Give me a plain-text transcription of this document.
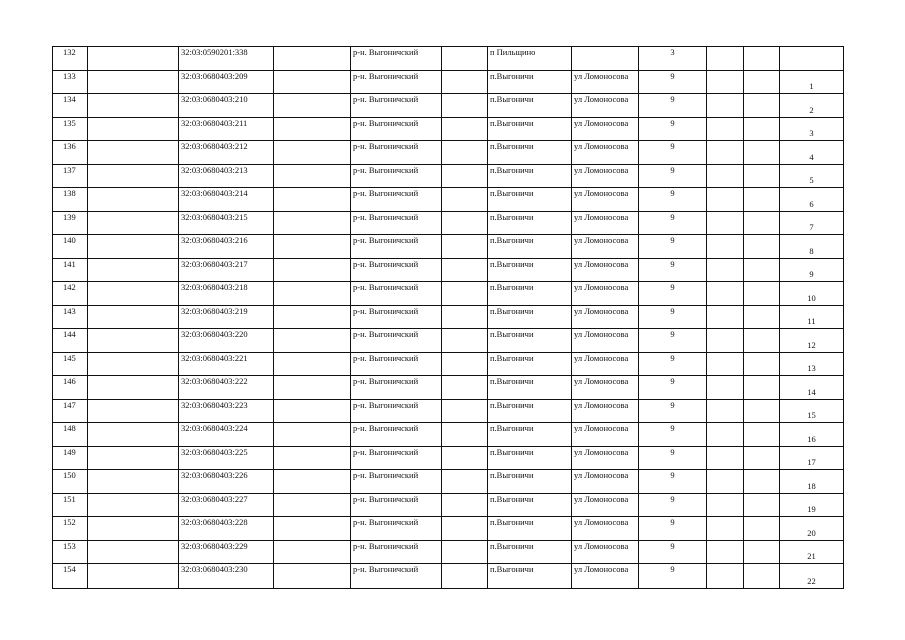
132		32:03:0590201:338		р-н. Выгоничский		п Пильщино		3			
133		32:03:0680403:209		р-н. Выгоничский		п.Выгоничи	ул Ломоносова	9			1
134		32:03:0680403:210		р-н. Выгоничский		п.Выгоничи	ул Ломоносова	9			2
135		32:03:0680403:211		р-н. Выгоничский		п.Выгоничи	ул Ломоносова	9			3
136		32:03:0680403:212		р-н. Выгоничский		п.Выгоничи	ул Ломоносова	9			4
137		32:03:0680403:213		р-н. Выгоничский		п.Выгоничи	ул Ломоносова	9			5
138		32:03:0680403:214		р-н. Выгоничский		п.Выгоничи	ул Ломоносова	9			6
139		32:03:0680403:215		р-н. Выгоничский		п.Выгоничи	ул Ломоносова	9			7
140		32:03:0680403:216		р-н. Выгоничский		п.Выгоничи	ул Ломоносова	9			8
141		32:03:0680403:217		р-н. Выгоничский		п.Выгоничи	ул Ломоносова	9			9
142		32:03:0680403:218		р-н. Выгоничский		п.Выгоничи	ул Ломоносова	9			10
143		32:03:0680403:219		р-н. Выгоничский		п.Выгоничи	ул Ломоносова	9			11
144		32:03:0680403:220		р-н. Выгоничский		п.Выгоничи	ул Ломоносова	9			12
145		32:03:0680403:221		р-н. Выгоничский		п.Выгоничи	ул Ломоносова	9			13
146		32:03:0680403:222		р-н. Выгоничский		п.Выгоничи	ул Ломоносова	9			14
147		32:03:0680403:223		р-н. Выгоничский		п.Выгоничи	ул Ломоносова	9			15
148		32:03:0680403:224		р-н. Выгоничский		п.Выгоничи	ул Ломоносова	9			16
149		32:03:0680403:225		р-н. Выгоничский		п.Выгоничи	ул Ломоносова	9			17
150		32:03:0680403:226		р-н. Выгоничский		п.Выгоничи	ул Ломоносова	9			18
151		32:03:0680403:227		р-н. Выгоничский		п.Выгоничи	ул Ломоносова	9			19
152		32:03:0680403:228		р-н. Выгоничский		п.Выгоничи	ул Ломоносова	9			20
153		32:03:0680403:229		р-н. Выгоничский		п.Выгоничи	ул Ломоносова	9			21
154		32:03:0680403:230		р-н. Выгоничский		п.Выгоничи	ул Ломоносова	9			22
